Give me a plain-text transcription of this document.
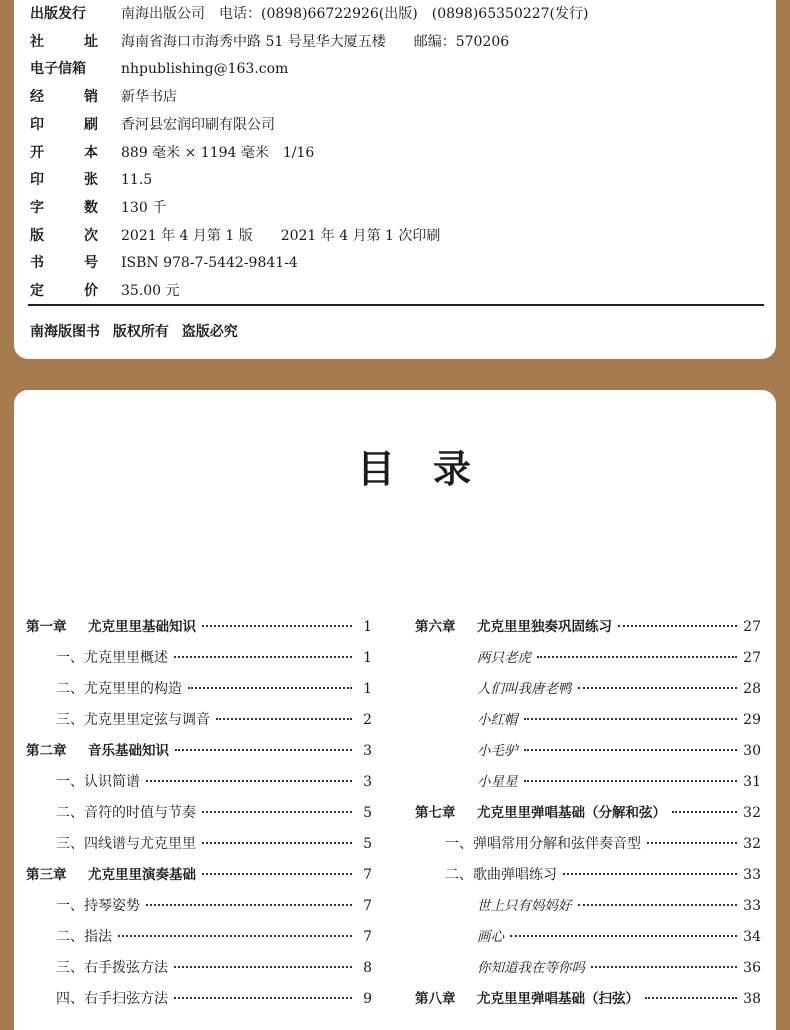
出版发行	南海出版公司　电话：(0898)66722926(出版)　(0898)65350227(发行)
社	址 海南省海口市海秀中路 51 号星华大厦五楼　　邮编：570206
电子信箱	nhpublishing@163.com
经	销 新华书店
印	刷 香河县宏润印刷有限公司
开	本 889 毫米 × 1194 毫米　1/16
印	张 11.5
字	数 130 千
版	次 2021 年 4 月第 1 版　　2021 年 4 月第 1 次印刷
书	号 ISBN 978-7-5442-9841-4
定	价 35.00 元
南海版图书 版权所有 盗版必究
目录
第一章	尤克里里基础知识	1
一、尤克里里概述	1
二、尤克里里的构造	1
三、尤克里里定弦与调音	2
第二章	音乐基础知识	3
一、认识简谱	3
二、音符的时值与节奏	5
三、四线谱与尤克里里	5
第三章	尤克里里演奏基础	7
一、持琴姿势	7
二、指法	7
三、右手拨弦方法	8
四、右手扫弦方法	9
第六章	尤克里里独奏巩固练习	27
两只老虎	27
人们叫我唐老鸭	28
小红帽	29
小毛驴	30
小星星	31
第七章	尤克里里弹唱基础（分解和弦）	32
一、弹唱常用分解和弦伴奏音型	32
二、歌曲弹唱练习	33
世上只有妈妈好	33
画心	34
你知道我在等你吗	36
第八章	尤克里里弹唱基础（扫弦）	38
